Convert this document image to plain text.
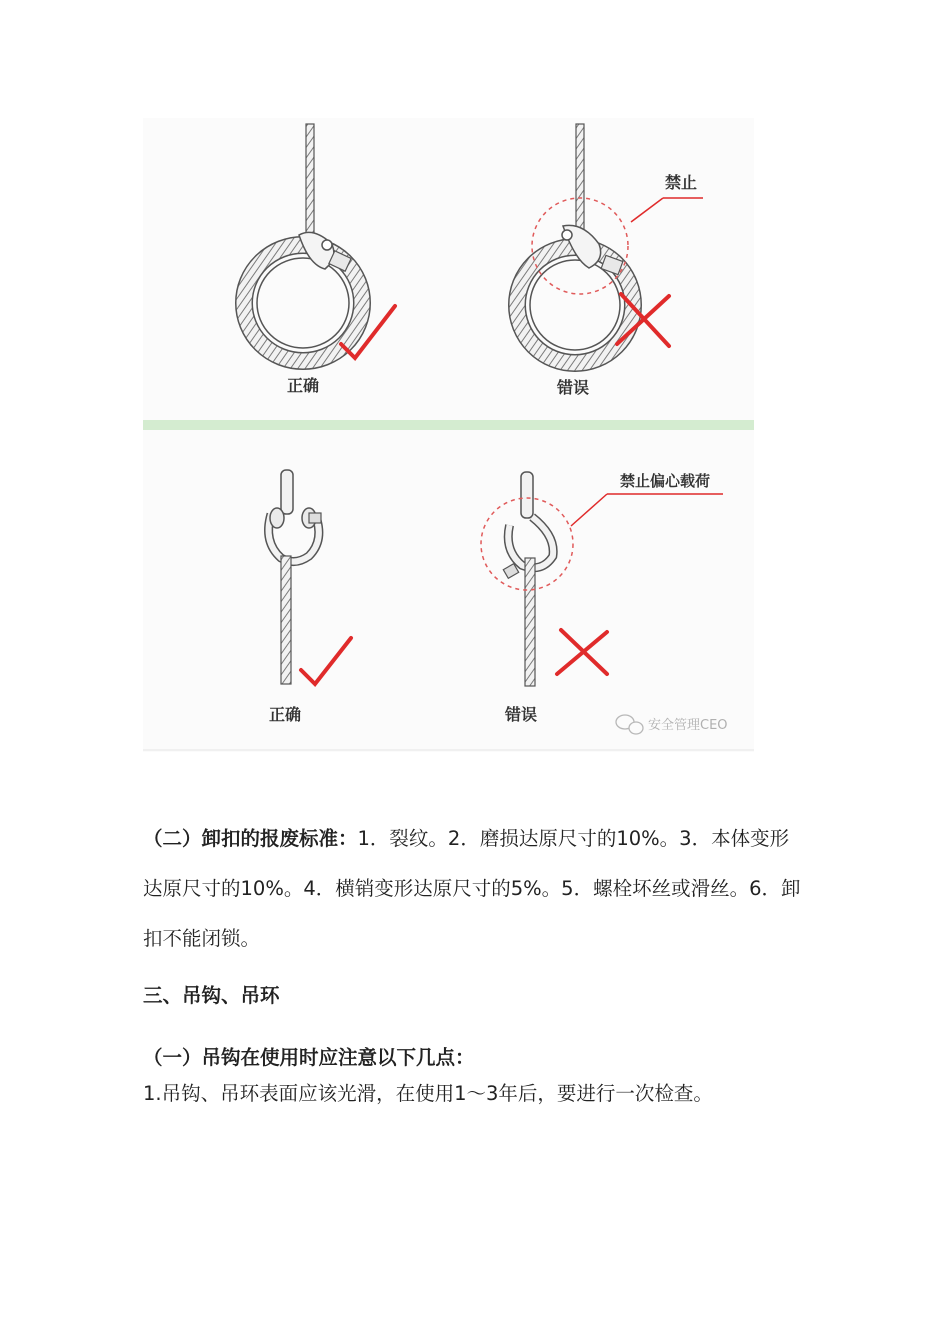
正确
禁止
错误
正确
禁止偏心载荷
错误
安全管理CEO

（二）卸扣的报废标准：1．裂纹。2．磨损达原尺寸的10%。3．本体变形达原尺寸的10%。4．横销变形达原尺寸的5%。5．螺栓坏丝或滑丝。6．卸扣不能闭锁。

三、吊钩、吊环

（一）吊钩在使用时应注意以下几点：

1.吊钩、吊环表面应该光滑，在使用1～3年后，要进行一次检查。
